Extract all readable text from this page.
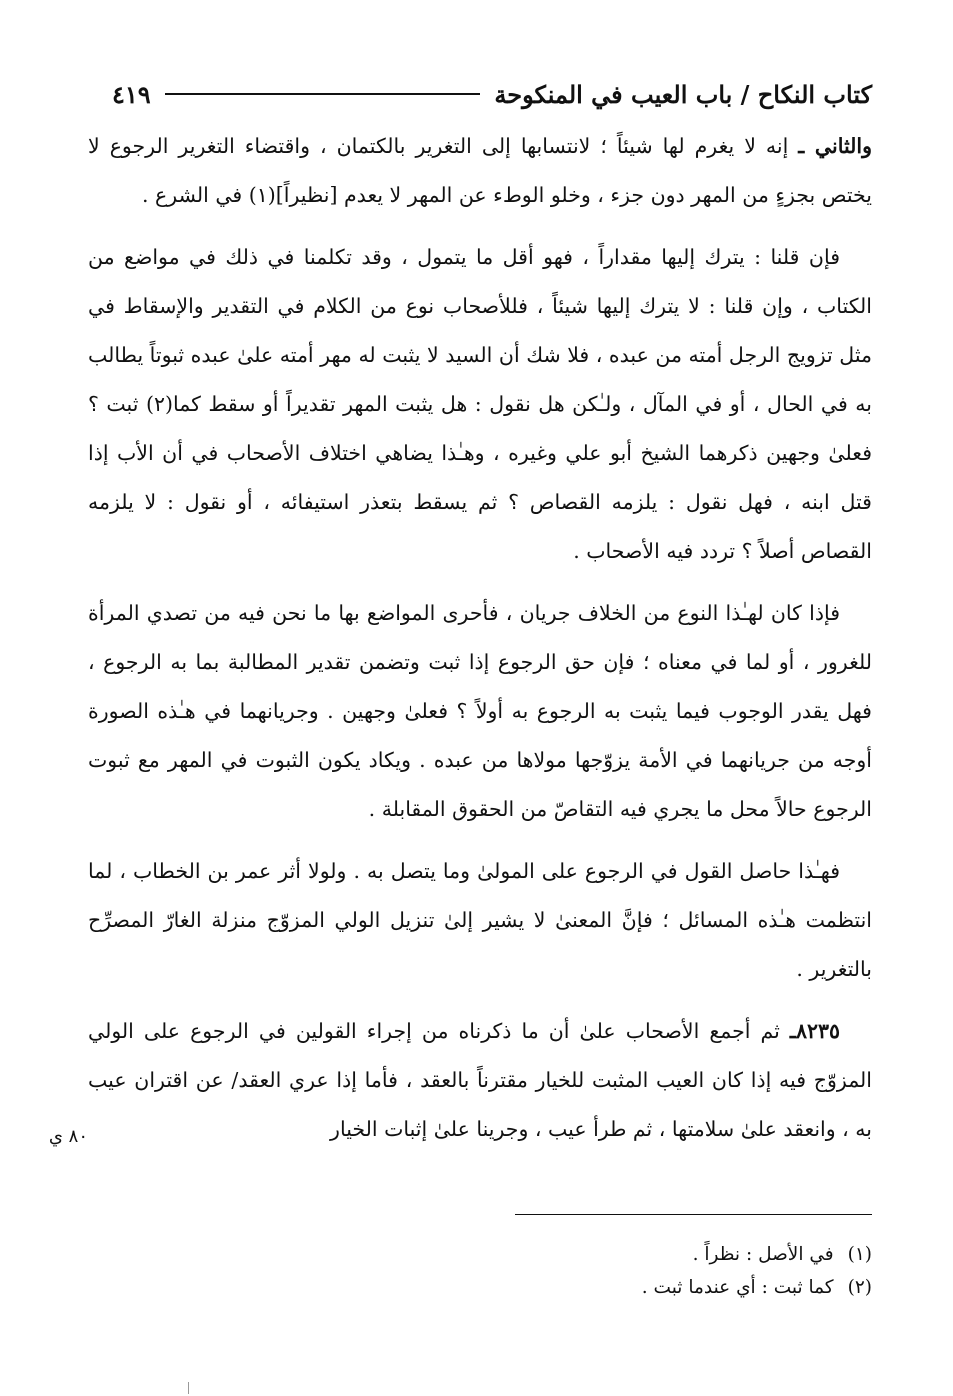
كتاب النكاح / باب العيب في المنكوحة
٤١٩

والثاني ـ إنه لا يغرم لها شيئاً ؛ لانتسابها إلى التغرير بالكتمان ، واقتضاء التغرير الرجوع لا يختص بجزءٍ من المهر دون جزء ، وخلو الوطء عن المهر لا يعدم [نظيراً](١) في الشرع .

فإن قلنا : يترك إليها مقداراً ، فهو أقل ما يتمول ، وقد تكلمنا في ذلك في مواضع من الكتاب ، وإن قلنا : لا يترك إليها شيئاً ، فللأصحاب نوع من الكلام في التقدير والإسقاط في مثل تزويج الرجل أمته من عبده ، فلا شك أن السيد لا يثبت له مهر أمته علىٰ عبده ثبوتاً يطالب به في الحال ، أو في المآل ، ولـٰكن هل نقول : هل يثبت المهر تقديراً أو سقط كما(٢) ثبت ؟ فعلىٰ وجهين ذكرهما الشيخ أبو علي وغيره ، وهـٰذا يضاهي اختلاف الأصحاب في أن الأب إذا قتل ابنه ، فهل نقول : يلزمه القصاص ؟ ثم يسقط بتعذر استيفائه ، أو نقول : لا يلزمه القصاص أصلاً ؟ تردد فيه الأصحاب .

فإذا كان لهـٰذا النوع من الخلاف جريان ، فأحرى المواضع بها ما نحن فيه من تصدي المرأة للغرور ، أو لما في معناه ؛ فإن حق الرجوع إذا ثبت وتضمن تقدير المطالبة بما به الرجوع ، فهل يقدر الوجوب فيما يثبت به الرجوع به أولاً ؟ فعلىٰ وجهين . وجريانهما في هـٰذه الصورة أوجه من جريانهما في الأمة يزوّجها مولاها من عبده . ويكاد يكون الثبوت في المهر مع ثبوت الرجوع حالاً محل ما يجري فيه التقاصّ من الحقوق المقابلة .

فهـٰذا حاصل القول في الرجوع على المولىٰ وما يتصل به . ولولا أثر عمر بن الخطاب ، لما انتظمت هـٰذه المسائل ؛ فإنَّ المعنىٰ لا يشير إلىٰ تنزيل الولي المزوّج منزلة الغارّ المصرِّح بالتغرير .

٨٢٣٥ـ ثم أجمع الأصحاب علىٰ أن ما ذكرناه من إجراء القولين في الرجوع على الولي المزوّج فيه إذا كان العيب المثبت للخيار مقترناً بالعقد ، فأما إذا عري العقد/ عن اقتران عيب به ، وانعقد علىٰ سلامتها ، ثم طرأ عيب ، وجرينا علىٰ إثبات الخيار

٨٠ ي
(١)
في الأصل : نظراً .
(٢)
كما ثبت : أي عندما ثبت .
